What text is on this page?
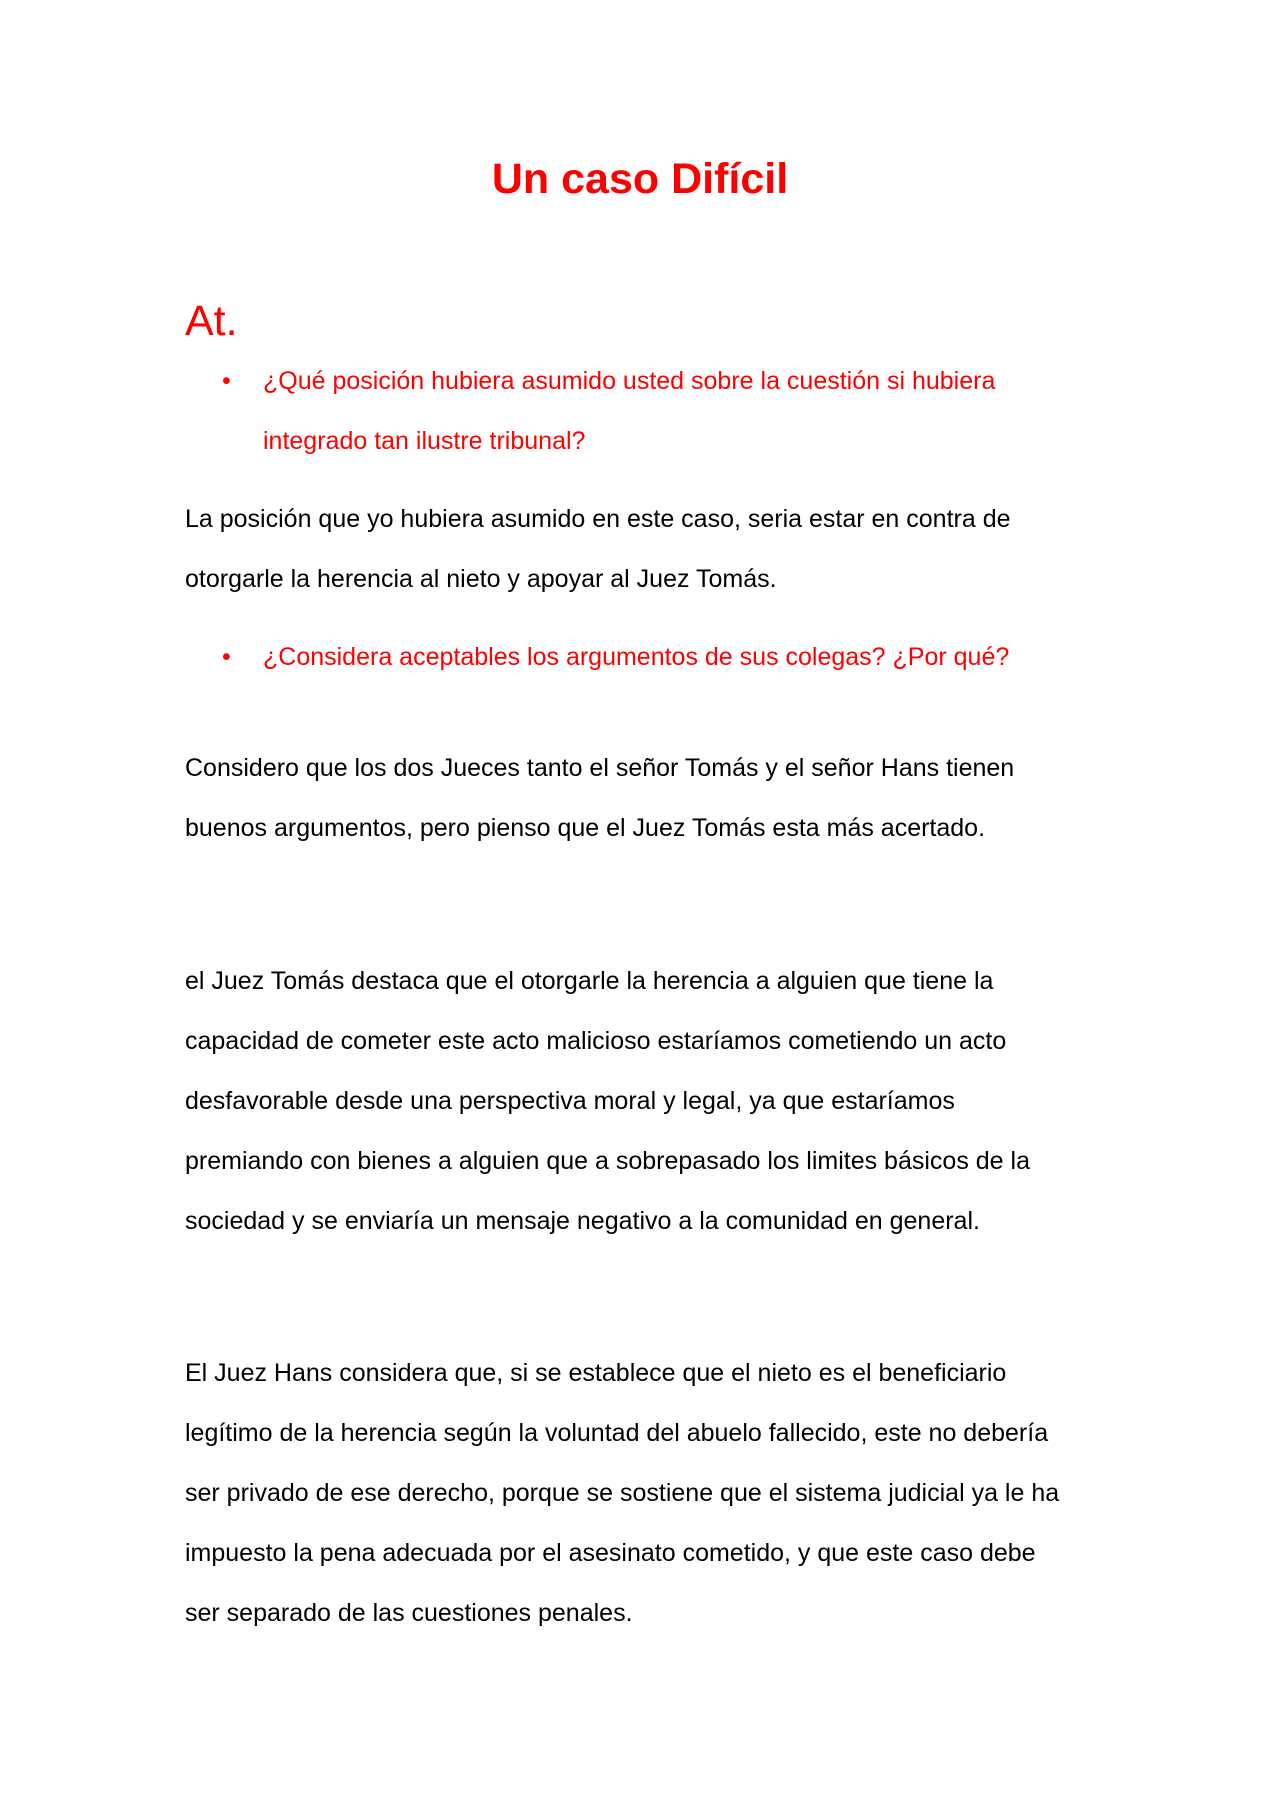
Un caso Difícil
At.
• ¿Qué posición hubiera asumido usted sobre la cuestión si hubiera
integrado tan ilustre tribunal?

La posición que yo hubiera asumido en este caso, seria estar en contra de
otorgarle la herencia al nieto y apoyar al Juez Tomás.

• ¿Considera aceptables los argumentos de sus colegas? ¿Por qué?

Considero que los dos Jueces tanto el señor Tomás y el señor Hans tienen
buenos argumentos, pero pienso que el Juez Tomás esta más acertado.

el Juez Tomás destaca que el otorgarle la herencia a alguien que tiene la
capacidad de cometer este acto malicioso estaríamos cometiendo un acto
desfavorable desde una perspectiva moral y legal, ya que estaríamos
premiando con bienes a alguien que a sobrepasado los limites básicos de la
sociedad y se enviaría un mensaje negativo a la comunidad en general.

El Juez Hans considera que, si se establece que el nieto es el beneficiario
legítimo de la herencia según la voluntad del abuelo fallecido, este no debería
ser privado de ese derecho, porque se sostiene que el sistema judicial ya le ha
impuesto la pena adecuada por el asesinato cometido, y que este caso debe
ser separado de las cuestiones penales.
